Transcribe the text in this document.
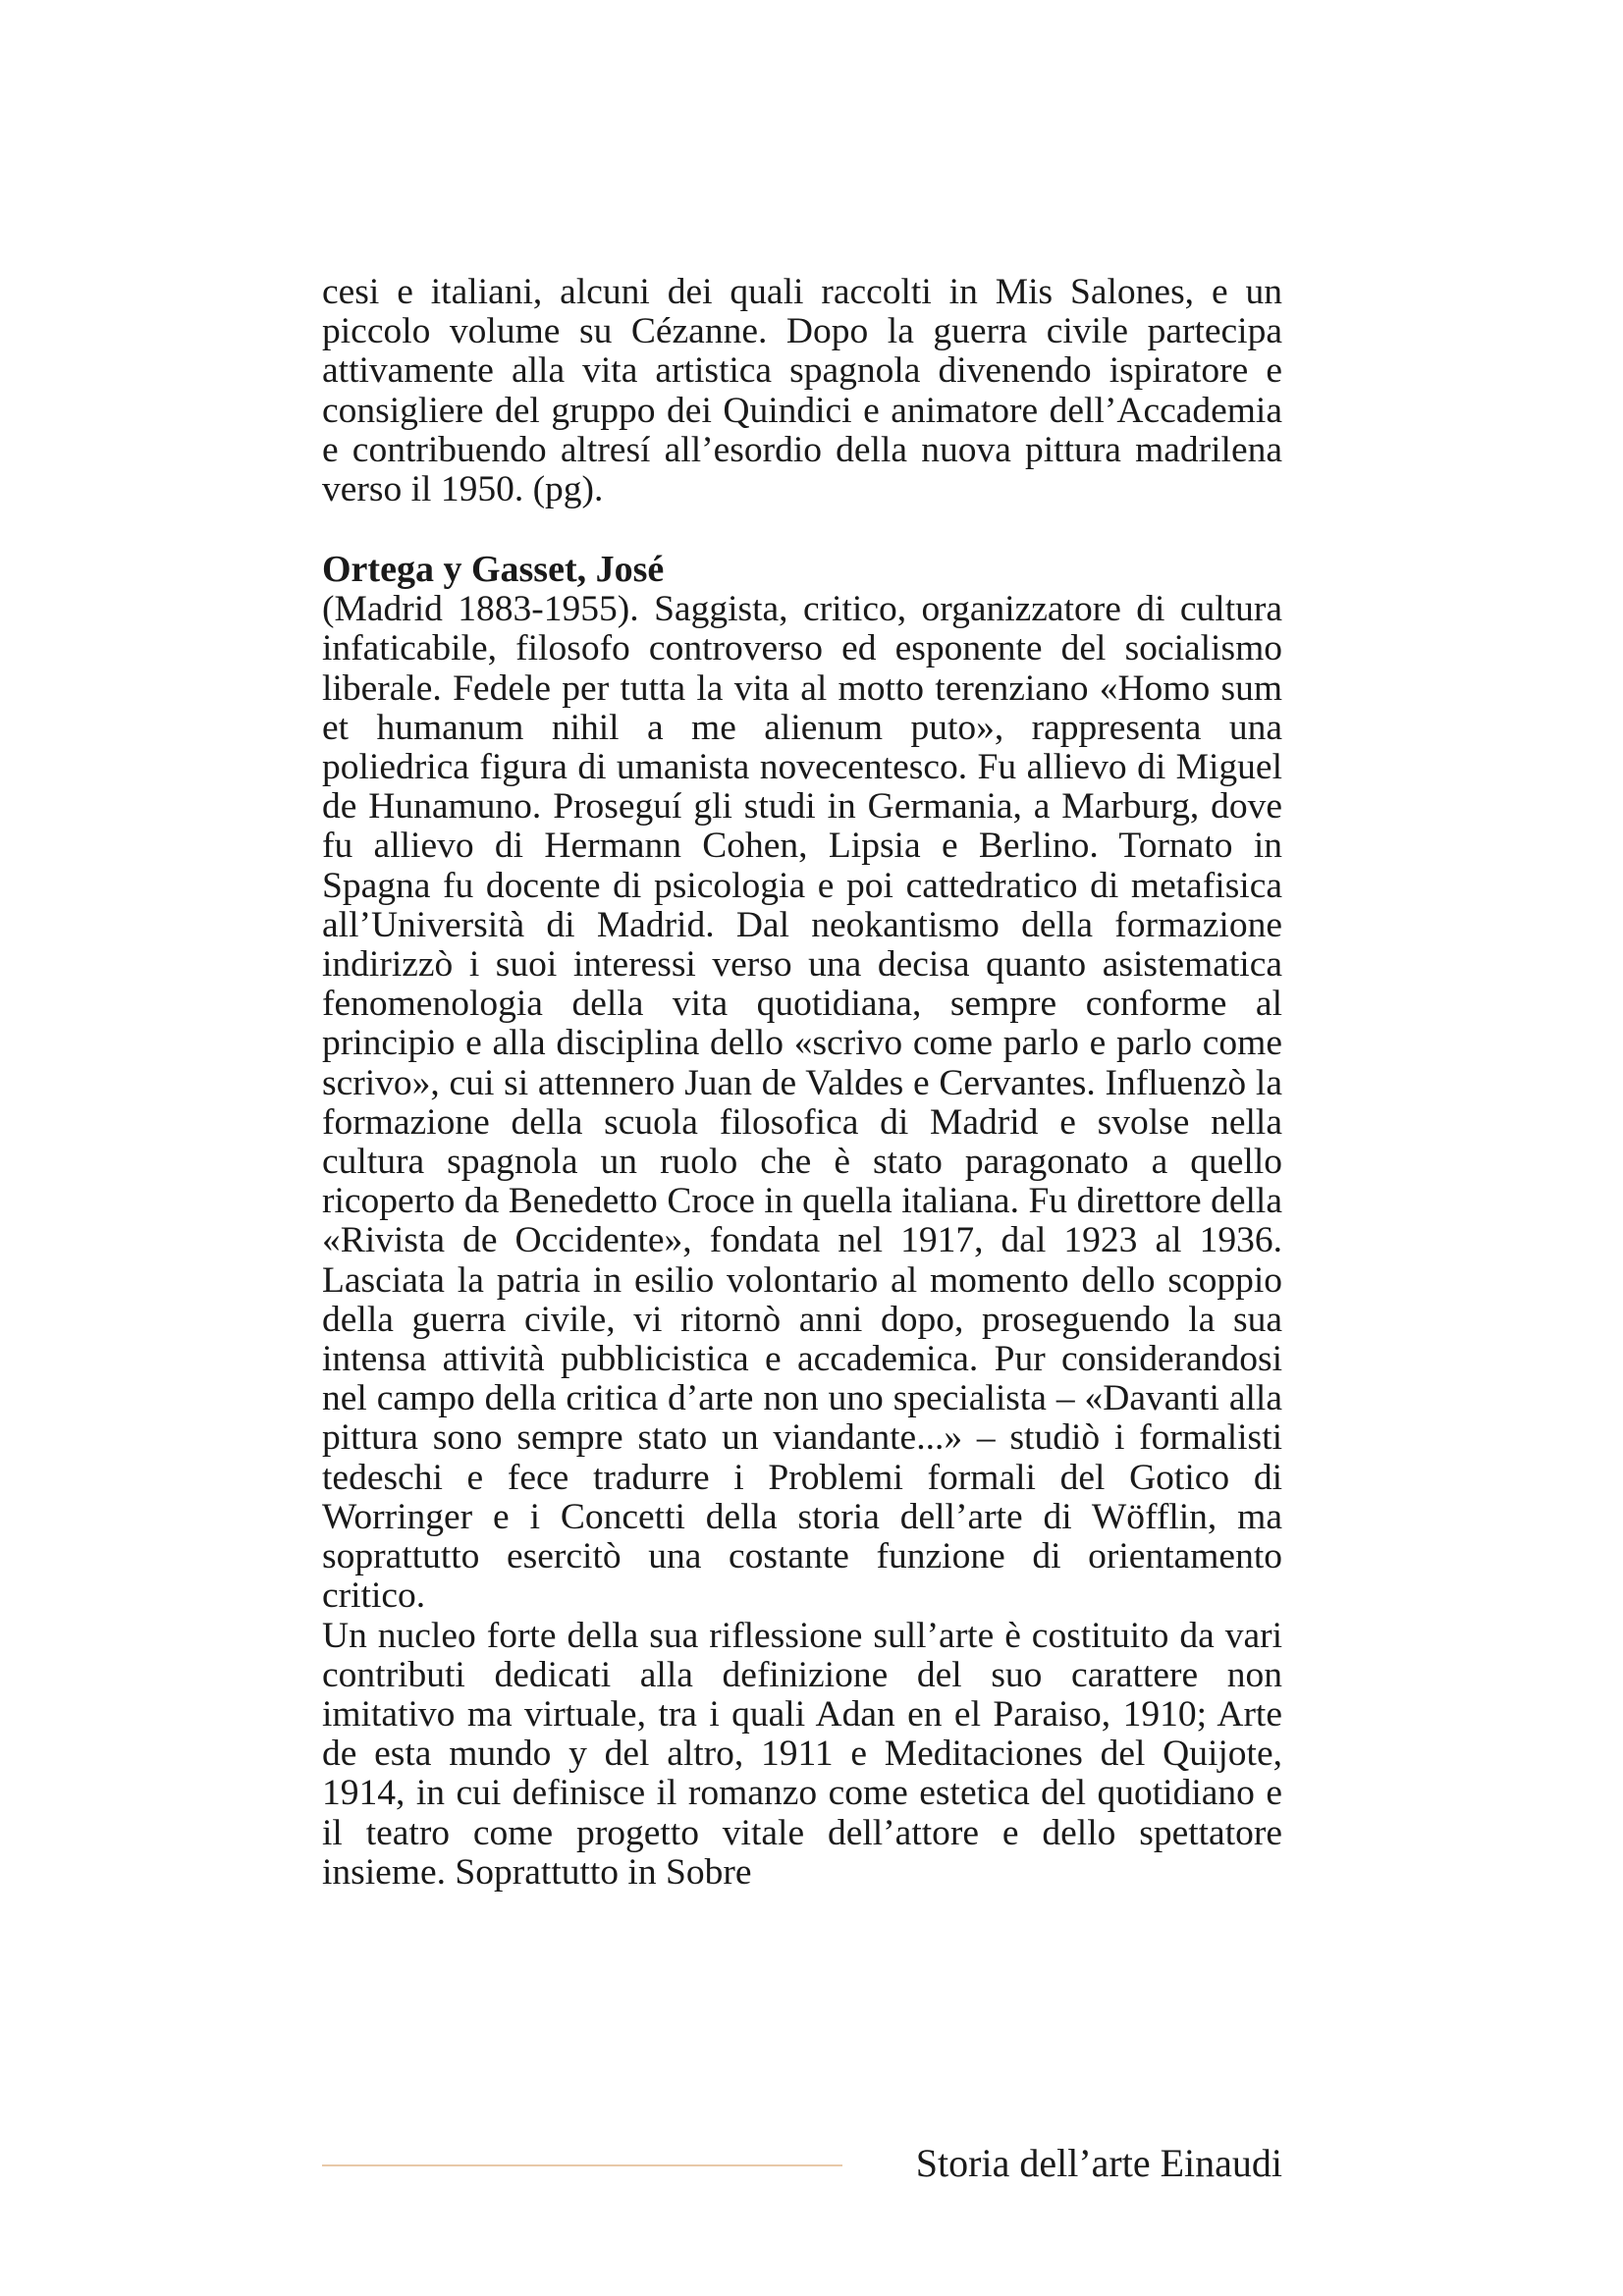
cesi e italiani, alcuni dei quali raccolti in Mis Salones, e un piccolo volume su Cézanne. Dopo la guerra civile partecipa attivamente alla vita artistica spagnola divenendo ispiratore e consigliere del gruppo dei Quindici e animatore dell’Accademia e contribuendo altresí all’esordio della nuova pittura madrilena verso il 1950. (pg).

Ortega y Gasset, José

(Madrid 1883-1955). Saggista, critico, organizzatore di cultura infaticabile, filosofo controverso ed esponente del socialismo liberale. Fedele per tutta la vita al motto terenziano «Homo sum et humanum nihil a me alienum puto», rappresenta una poliedrica figura di umanista novecentesco. Fu allievo di Miguel de Hunamuno. Proseguí gli studi in Germania, a Marburg, dove fu allievo di Hermann Cohen, Lipsia e Berlino. Tornato in Spagna fu docente di psicologia e poi cattedratico di metafisica all’Università di Madrid. Dal neokantismo della formazione indirizzò i suoi interessi verso una decisa quanto asistematica fenomenologia della vita quotidiana, sempre conforme al principio e alla disciplina dello «scrivo come parlo e parlo come scrivo», cui si attennero Juan de Valdes e Cervantes. Influenzò la formazione della scuola filosofica di Madrid e svolse nella cultura spagnola un ruolo che è stato paragonato a quello ricoperto da Benedetto Croce in quella italiana. Fu direttore della «Rivista de Occidente», fondata nel 1917, dal 1923 al 1936. Lasciata la patria in esilio volontario al momento dello scoppio della guerra civile, vi ritornò anni dopo, proseguendo la sua intensa attività pubblicistica e accademica. Pur considerandosi nel campo della critica d’arte non uno specialista – «Davanti alla pittura sono sempre stato un viandante...» – studiò i formalisti tedeschi e fece tradurre i Problemi formali del Gotico di Worringer e i Concetti della storia dell’arte di Wöfflin, ma soprattutto esercitò una costante funzione di orientamento critico.

Un nucleo forte della sua riflessione sull’arte è costituito da vari contributi dedicati alla definizione del suo carattere non imitativo ma virtuale, tra i quali Adan en el Paraiso, 1910; Arte de esta mundo y del altro, 1911 e Meditaciones del Quijote, 1914, in cui definisce il romanzo come estetica del quotidiano e il teatro come progetto vitale dell’attore e dello spettatore insieme. Soprattutto in Sobre

Storia dell’arte Einaudi
